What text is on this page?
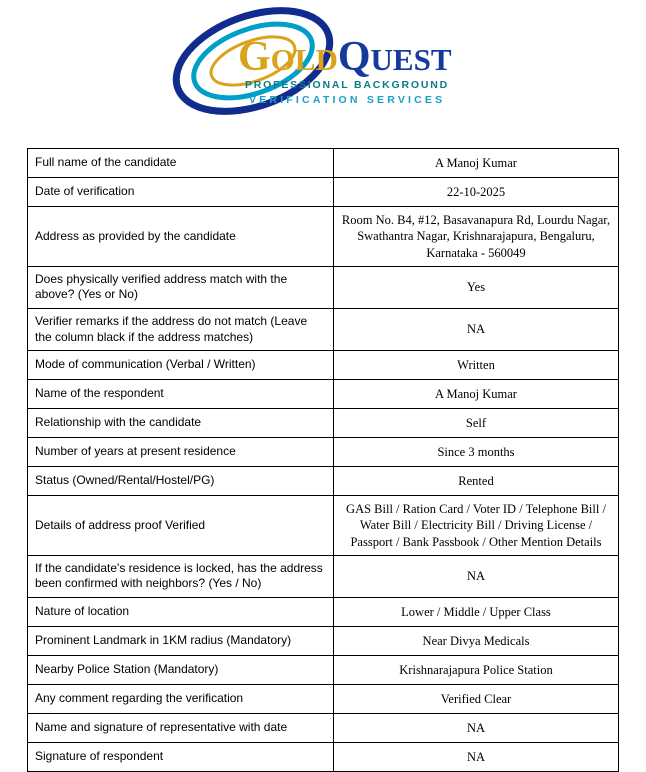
GOLDQUEST
PROFESSIONAL BACKGROUND
VERIFICATION SERVICES
Full name of the candidate	A Manoj Kumar
Date of verification	22-10-2025
Address as provided by the candidate	Room No. B4, #12, Basavanapura Rd, Lourdu Nagar, Swathantra Nagar, Krishnarajapura, Bengaluru, Karnataka - 560049
Does physically verified address match with the above? (Yes or No)	Yes
Verifier remarks if the address do not match (Leave the column black if the address matches)	NA
Mode of communication (Verbal / Written)	Written
Name of the respondent	A Manoj Kumar
Relationship with the candidate	Self
Number of years at present residence	Since 3 months
Status (Owned/Rental/Hostel/PG)	Rented
Details of address proof Verified	GAS Bill / Ration Card / Voter ID / Telephone Bill / Water Bill / Electricity Bill / Driving License / Passport / Bank Passbook / Other Mention Details
If the candidate's residence is locked, has the address been confirmed with neighbors? (Yes / No)	NA
Nature of location	Lower / Middle / Upper Class
Prominent Landmark in 1KM radius (Mandatory)	Near Divya Medicals
Nearby Police Station (Mandatory)	Krishnarajapura Police Station
Any comment regarding the verification	Verified Clear
Name and signature of representative with date	NA
Signature of respondent	NA
